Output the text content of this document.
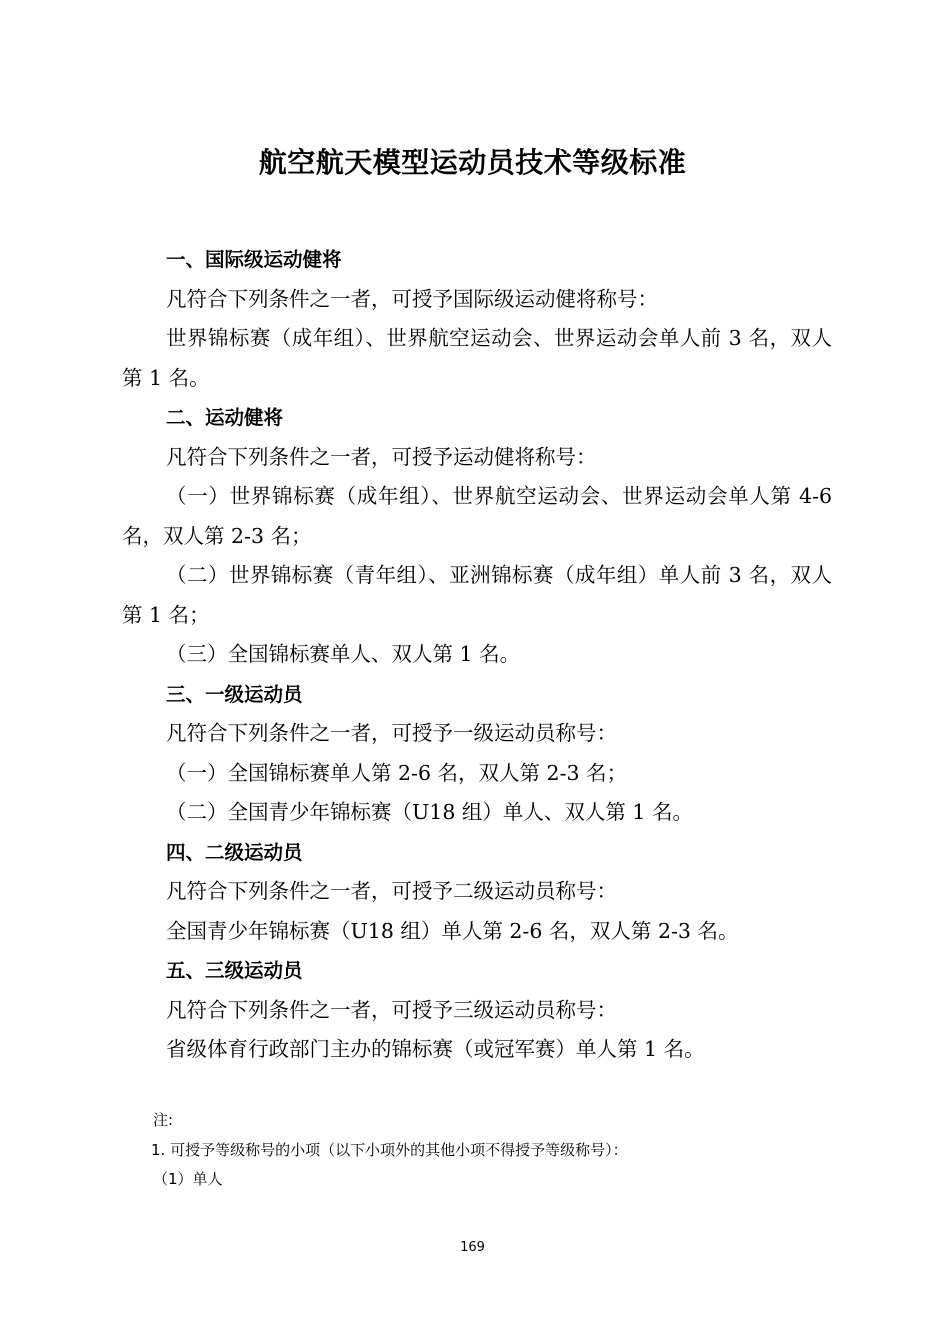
航空航天模型运动员技术等级标准

一、国际级运动健将

凡符合下列条件之一者，可授予国际级运动健将称号：

世界锦标赛（成年组）、世界航空运动会、世界运动会单人前 3 名，双人第 1 名。

二、运动健将

凡符合下列条件之一者，可授予运动健将称号：

（一）世界锦标赛（成年组）、世界航空运动会、世界运动会单人第 4-6 名，双人第 2-3 名；

（二）世界锦标赛（青年组）、亚洲锦标赛（成年组）单人前 3 名，双人第 1 名；

（三）全国锦标赛单人、双人第 1 名。

三、一级运动员

凡符合下列条件之一者，可授予一级运动员称号：

（一）全国锦标赛单人第 2-6 名，双人第 2-3 名；

（二）全国青少年锦标赛（U18 组）单人、双人第 1 名。

四、二级运动员

凡符合下列条件之一者，可授予二级运动员称号：

全国青少年锦标赛（U18 组）单人第 2-6 名，双人第 2-3 名。

五、三级运动员

凡符合下列条件之一者，可授予三级运动员称号：

省级体育行政部门主办的锦标赛（或冠军赛）单人第 1 名。

注:
1. 可授予等级称号的小项（以下小项外的其他小项不得授予等级称号）：
（1）单人
169
